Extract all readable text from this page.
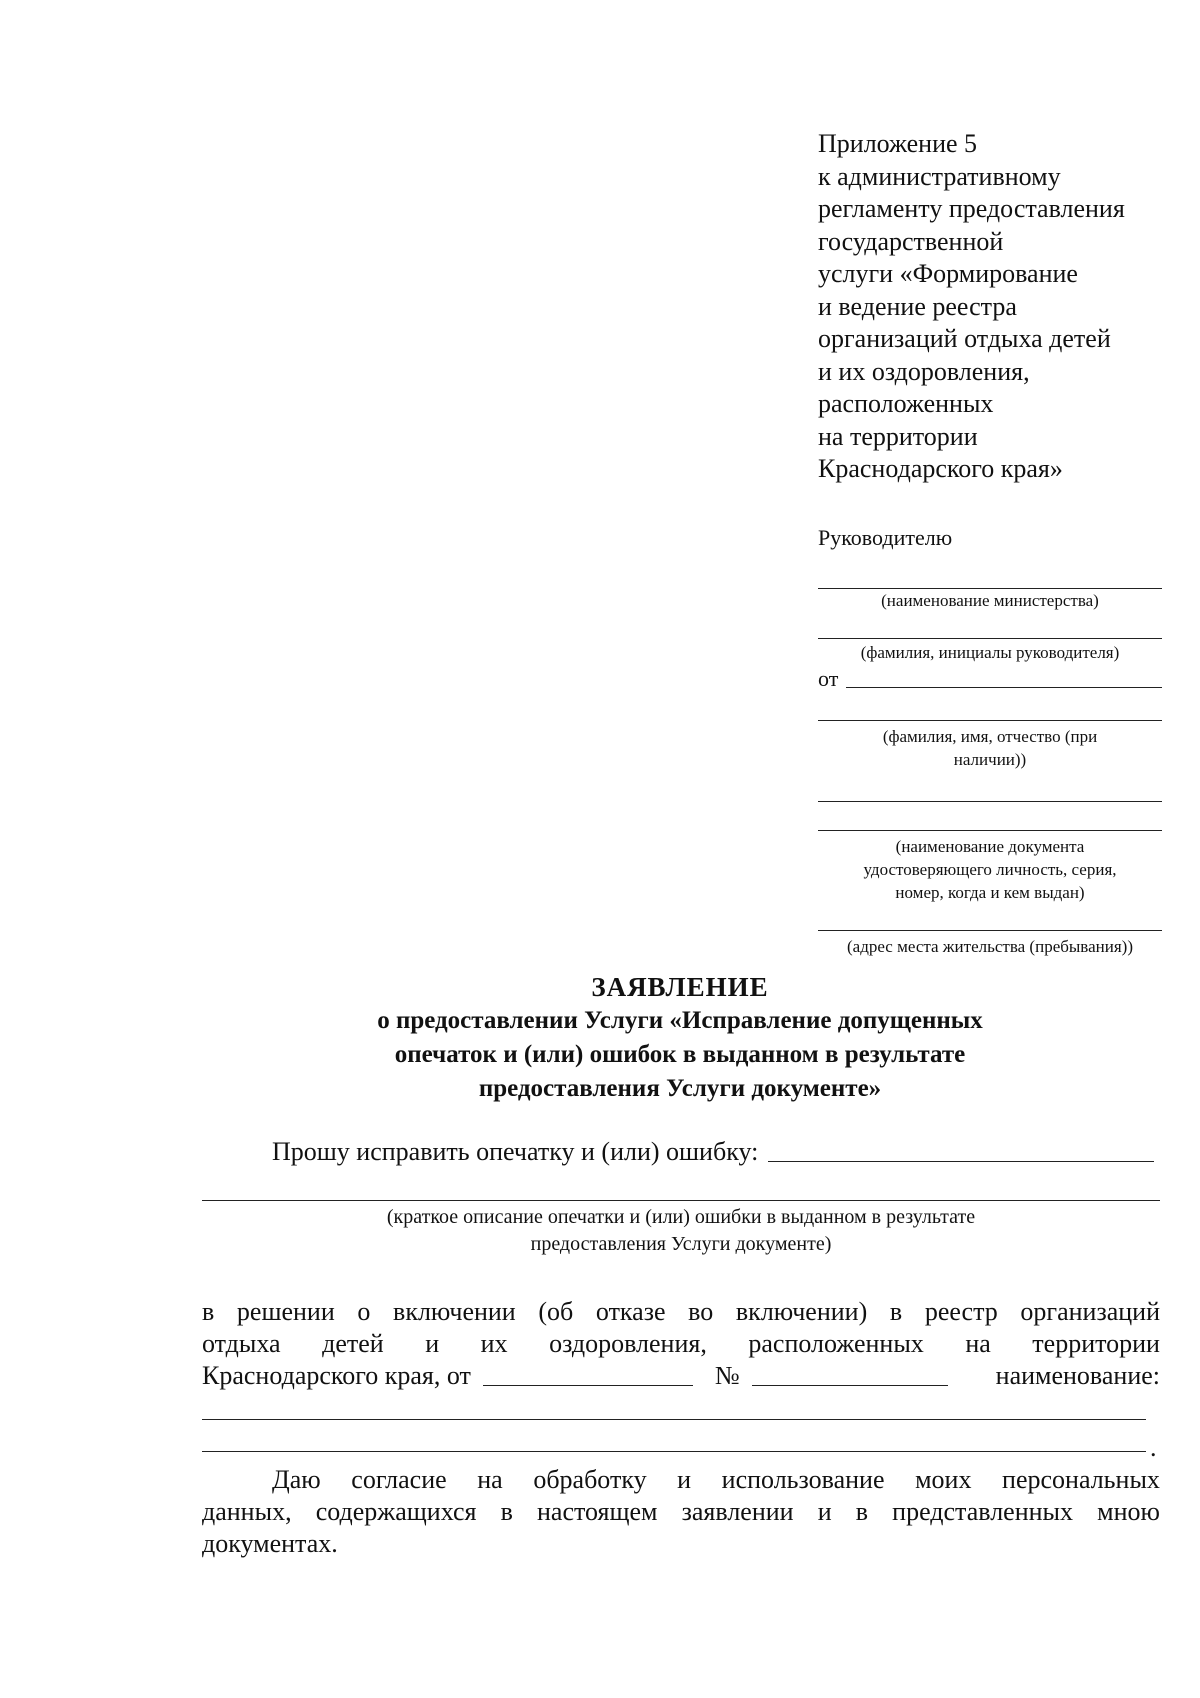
Приложение 5
к административному
регламенту предоставления
государственной
услуги «Формирование
и ведение реестра
организаций отдыха детей
и их оздоровления,
расположенных
на территории
Краснодарского края»
Руководителю
(наименование министерства)
(фамилия, инициалы руководителя)
от
(фамилия, имя, отчество (при
наличии))
(наименование документа
удостоверяющего личность, серия,
номер, когда и кем выдан)
(адрес места жительства (пребывания))
ЗАЯВЛЕНИЕ
о предоставлении Услуги «Исправление допущенных
опечаток и (или) ошибок в выданном в результате
предоставления Услуги документе»
Прошу исправить опечатку и (или) ошибку:
(краткое описание опечатки и (или) ошибки в выданном в результате
предоставления Услуги документе)
в решении о включении (об отказе во включении) в реестр организаций
отдыха детей и их оздоровления, расположенных на территории
Краснодарского края, от	№	наименование:
.
Даю согласие на обработку и использование моих персональных
данных, содержащихся в настоящем заявлении и в представленных мною
документах.
